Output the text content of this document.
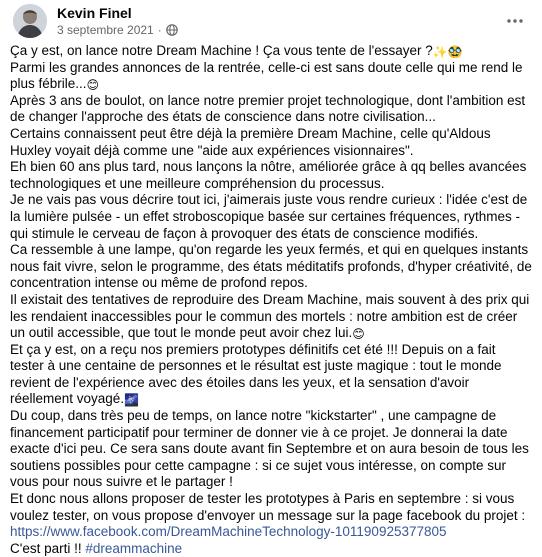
Kevin Finel
3 septembre 2021 ·

Ça y est, on lance notre Dream Machine ! Ça vous tente de l'essayer ?✨🥸

Parmi les grandes annonces de la rentrée, celle-ci est sans doute celle qui me rend le plus fébrile...😊

Après 3 ans de boulot, on lance notre premier projet technologique, dont l'ambition est de changer l'approche des états de conscience dans notre civilisation...

Certains connaissent peut être déjà la première Dream Machine, celle qu'Aldous Huxley voyait déjà comme une "aide aux expériences visionnaires".

Eh bien 60 ans plus tard, nous lançons la nôtre, améliorée grâce à qq belles avancées technologiques et une meilleure compréhension du processus.

Je ne vais pas vous décrire tout ici, j'aimerais juste vous rendre curieux : l'idée c'est de la lumière pulsée - un effet stroboscopique basée sur certaines fréquences, rythmes - qui stimule le cerveau de façon à provoquer des états de conscience modifiés.

Ca ressemble à une lampe, qu'on regarde les yeux fermés, et qui en quelques instants nous fait vivre, selon le programme, des états méditatifs profonds, d'hyper créativité, de concentration intense ou même de profond repos.

Il existait des tentatives de reproduire des Dream Machine, mais souvent à des prix qui les rendaient inaccessibles pour le commun des mortels : notre ambition est de créer un outil accessible, que tout le monde peut avoir chez lui.😊

Et ça y est, on a reçu nos premiers prototypes définitifs cet été !!! Depuis on a fait tester à une centaine de personnes et le résultat est juste magique : tout le monde revient de l'expérience avec des étoiles dans les yeux, et la sensation d'avoir réellement voyagé.🌌

Du coup, dans très peu de temps, on lance notre "kickstarter" , une campagne de financement participatif pour terminer de donner vie à ce projet. Je donnerai la date exacte d'ici peu. Ce sera sans doute avant fin Septembre et on aura besoin de tous les soutiens possibles pour cette campagne : si ce sujet vous intéresse, on compte sur vous pour nous suivre et le partager !

Et donc nous allons proposer de tester les prototypes à Paris en septembre : si vous voulez tester, on vous propose d'envoyer un message sur la page facebook du projet :

https://www.facebook.com/DreamMachineTechnology-101190925377805

C'est parti !! #dreammachine
